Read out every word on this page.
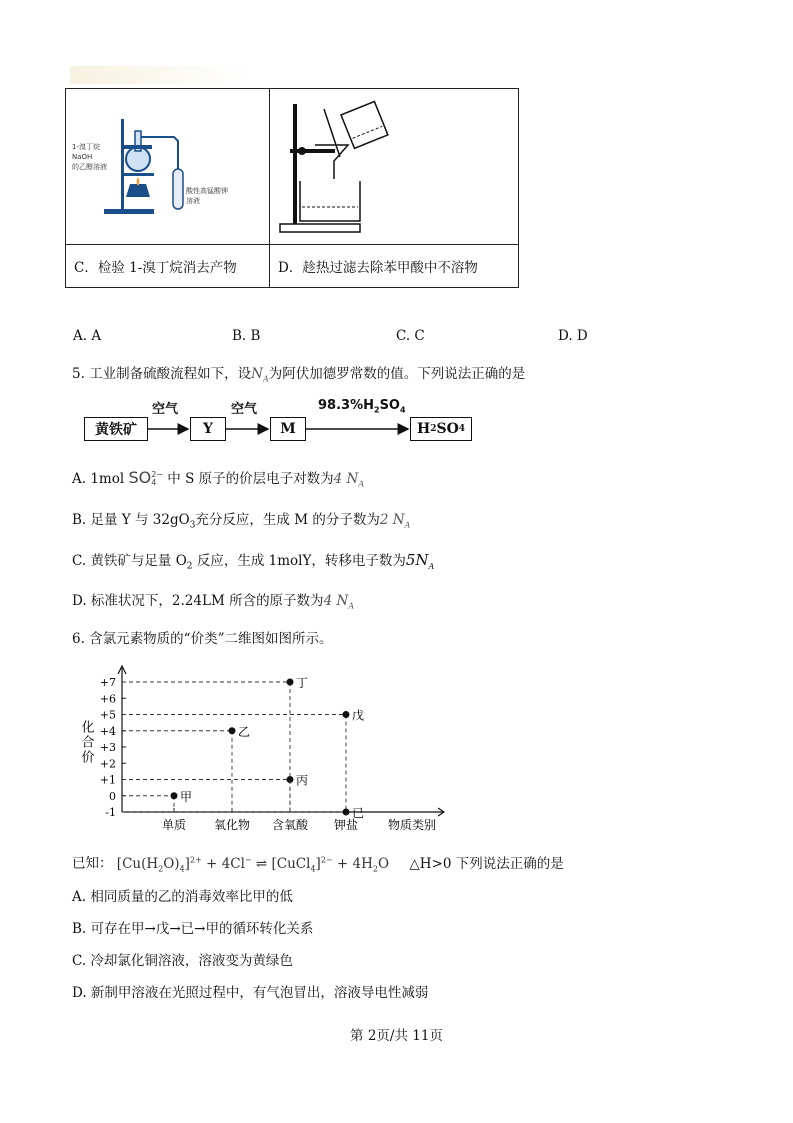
酸性高锰酸钾
溶液
1-溴丁烷
NaOH
的乙醇溶液

C．检验 1-溴丁烷消去产物	D．趁热过滤去除苯甲酸中不溶物
A. A	B. B	C. C	D. D
5. 工业制备硫酸流程如下，设$N_A$为阿伏加德罗常数的值。下列说法正确的是
黄铁矿	Y	M	H 2 SO 4
空气	空气	$98.3\%H_2SO_4$
A. 1mol SO2−
4 中 S 原子的价层电子对数为4 $N_A$
B. 足量 Y 与 $32gO_3$充分反应，生成 M 的分子数为2 $N_A$
C. 黄铁矿与足量 $O_2$ 反应，生成 1molY，转移电子数为$5N_A$
D. 标准状况下，2.24LM 所含的原子数为4 $N_A$
6. 含氯元素物质的“价类”二维图如图所示。
+7
+6
+5
+4
+3
+2
+1
0
-1
单质 氧化物 含氧酸 钾盐
化合价
物质类别
甲
乙
丙
丁
戊
已
已知： $[Cu(H_2O)_4]^{2+} + 4Cl^-$ ⇌ [CuCl$_4$]$^{2-}$ + $4H_2O$ △H>0 下列说法正确的是
A. 相同质量的乙的消毒效率比甲的低
B. 可存在甲→戊→已→甲的循环转化关系
C. 冷却氯化铜溶液，溶液变为黄绿色
D. 新制甲溶液在光照过程中，有气泡冒出，溶液导电性减弱
第 2页/共 11页
